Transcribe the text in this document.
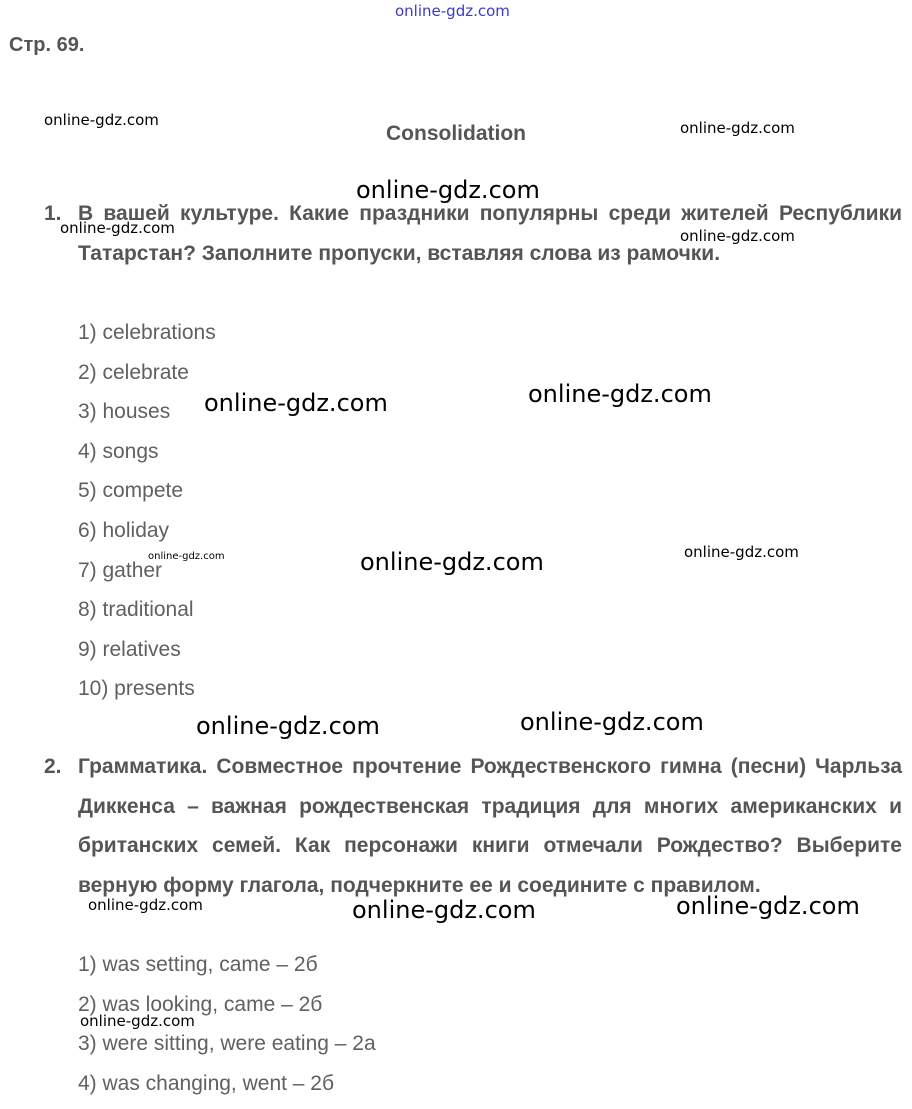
Стр. 69.
Consolidation
1. В вашей культуре. Какие праздники популярны среди жителей Республики Татарстан? Заполните пропуски, вставляя слова из рамочки.
1) celebrations
2) celebrate
3) houses
4) songs
5) compete
6) holiday
7) gather
8) traditional
9) relatives
10) presents
2. Грамматика. Совместное прочтение Рождественского гимна (песни) Чарльза Диккенса – важная рождественская традиция для многих американских и британских семей. Как персонажи книги отмечали Рождество? Выберите верную форму глагола, подчеркните ее и соедините с правилом.
1) was setting, came – 2б
2) was looking, came – 2б
3) were sitting, were eating – 2а
4) was changing, went – 2б
online-gdz.com
online-gdz.com	online-gdz.com
online-gdz.com
online-gdz.com	online-gdz.com
online-gdz.com	online-gdz.com
online-gdz.com	online-gdz.com
online-gdz.com
online-gdz.com	online-gdz.com
online-gdz.com	online-gdz.com	online-gdz.com
online-gdz.com
